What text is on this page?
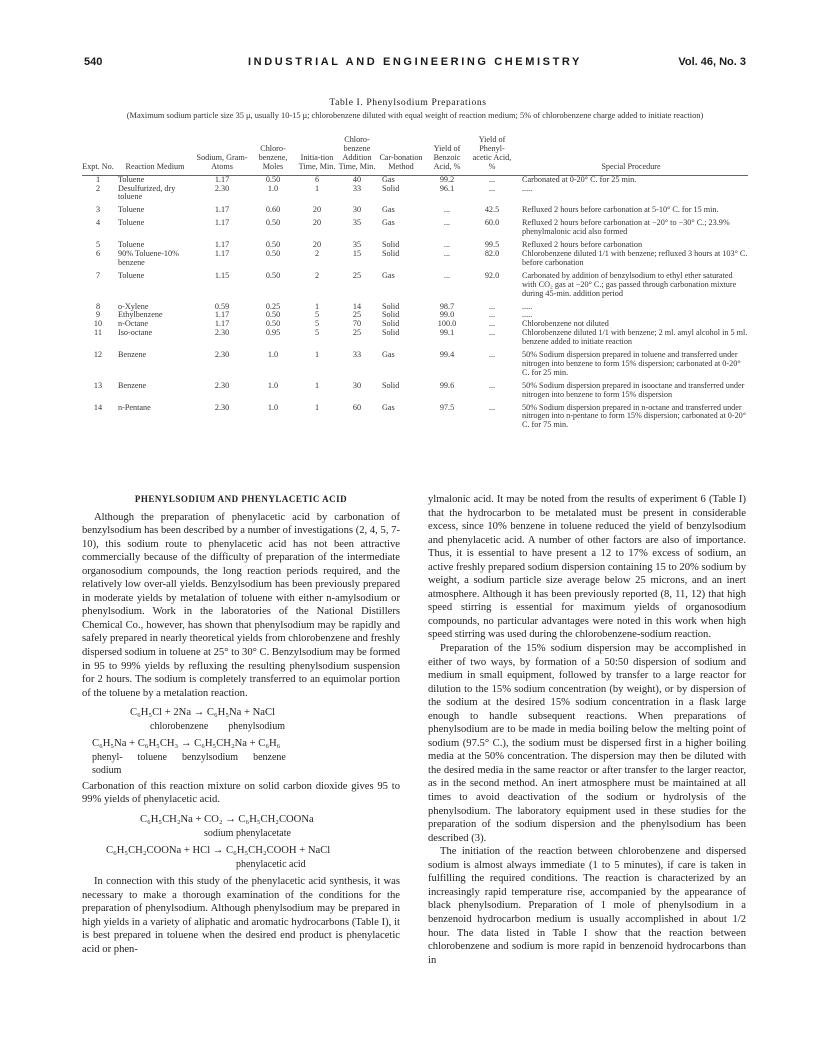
540	INDUSTRIAL AND ENGINEERING CHEMISTRY	Vol. 46, No. 3
Table I. Phenylsodium Preparations
(Maximum sodium particle size 35 μ, usually 10-15 μ; chlorobenzene diluted with equal weight of reaction medium; 5% of chlorobenzene charge added to initiate reaction)
Expt. No.	Reaction Medium	Sodium, Gram-Atoms	Chloro-benzene, Moles	Initia-tion Time, Min.	Chloro-benzene Addition Time, Min.	Car-bonation Method	Yield of Benzoic Acid, %	Yield of Phenyl-acetic Acid, %	Special Procedure
1	Toluene	1.17	0.50	6	40	Gas	99.2	...	Carbonated at 0-20° C. for 25 min.
2	Desulfurized, dry toluene	2.30	1.0	1	33	Solid	96.1	...	.....
3	Toluene	1.17	0.60	20	30	Gas	...	42.5	Refluxed 2 hours before carbonation at 5-10° C. for 15 min.
4	Toluene	1.17	0.50	20	35	Gas	...	60.0	Refluxed 2 hours before carbonation at −20° to −30° C.; 23.9% phenylmalonic acid also formed
5	Toluene	1.17	0.50	20	35	Solid	...	99.5	Refluxed 2 hours before carbonation
6	90% Toluene-10% benzene	1.17	0.50	2	15	Solid	...	82.0	Chlorobenzene diluted 1/1 with benzene; refluxed 3 hours at 103° C. before carbonation
7	Toluene	1.15	0.50	2	25	Gas	...	92.0	Carbonated by addition of benzylsodium to ethyl ether saturated with CO₂ gas at −20° C.; gas passed through carbonation mixture during 45-min. addition period
8	o-Xylene	0.59	0.25	1	14	Solid	98.7	...	.....
9	Ethylbenzene	1.17	0.50	5	25	Solid	99.0	...	.....
10	n-Octane	1.17	0.50	5	70	Solid	100.0	...	Chlorobenzene not diluted
11	Iso-octane	2.30	0.95	5	25	Solid	99.1	...	Chlorobenzene diluted 1/1 with benzene; 2 ml. amyl alcohol in 5 ml. benzene added to initiate reaction
12	Benzene	2.30	1.0	1	33	Gas	99.4	...	50% Sodium dispersion prepared in toluene and transferred under nitrogen into benzene to form 15% dispersion; carbonated at 0-20° C. for 25 min.
13	Benzene	2.30	1.0	1	30	Solid	99.6	...	50% Sodium dispersion prepared in isooctane and transferred under nitrogen into benzene to form 15% dispersion
14	n-Pentane	2.30	1.0	1	60	Gas	97.5	...	50% Sodium dispersion prepared in n-octane and transferred under nitrogen into n-pentane to form 15% dispersion; carbonated at 0-20° C. for 75 min.
PHENYLSODIUM AND PHENYLACETIC ACID

Although the preparation of phenylacetic acid by carbonation of benzylsodium has been described by a number of investigations (2, 4, 5, 7-10), this sodium route to phenylacetic acid has not been attractive commercially because of the difficulty of preparation of the intermediate organosodium compounds, the long reaction periods required, and the relatively low over-all yields. Benzylsodium has been previously prepared in moderate yields by metalation of toluene with either n-amylsodium or phenylsodium. Work in the laboratories of the National Distillers Chemical Co., however, has shown that phenylsodium may be rapidly and safely prepared in nearly theoretical yields from chlorobenzene and freshly dispersed sodium in toluene at 25° to 30° C. Benzylsodium may be formed in 95 to 99% yields by refluxing the resulting phenylsodium suspension for 2 hours. The sodium is completely transferred to an equimolar portion of the toluene by a metalation reaction.

C₆H₅Cl + 2Na → C₆H₅Na + NaCl
chlorobenzene        phenylsodium
C₆H₅Na + C₆H₅CH₃ → C₆H₅CH₂Na + C₆H₆
phenyl-      toluene      benzylsodium      benzene
sodium

Carbonation of this reaction mixture on solid carbon dioxide gives 95 to 99% yields of phenylacetic acid.

C₆H₅CH₂Na + CO₂ → C₆H₅CH₂COONa
sodium phenylacetate
C₆H₅CH₂COONa + HCl → C₆H₅CH₂COOH + NaCl
phenylacetic acid

In connection with this study of the phenylacetic acid synthesis, it was necessary to make a thorough examination of the conditions for the preparation of phenylsodium. Although phenylsodium may be prepared in high yields in a variety of aliphatic and aromatic hydrocarbons (Table I), it is best prepared in toluene when the desired end product is phenylacetic acid or phen-

ylmalonic acid. It may be noted from the results of experiment 6 (Table I) that the hydrocarbon to be metalated must be present in considerable excess, since 10% benzene in toluene reduced the yield of benzylsodium and phenylacetic acid. A number of other factors are also of importance. Thus, it is essential to have present a 12 to 17% excess of sodium, an active freshly prepared sodium dispersion containing 15 to 20% sodium by weight, a sodium particle size average below 25 microns, and an inert atmosphere. Although it has been previously reported (8, 11, 12) that high speed stirring is essential for maximum yields of organosodium compounds, no particular advantages were noted in this work when high speed stirring was used during the chlorobenzene-sodium reaction.

Preparation of the 15% sodium dispersion may be accomplished in either of two ways, by formation of a 50:50 dispersion of sodium and medium in small equipment, followed by transfer to a large reactor for dilution to the 15% sodium concentration (by weight), or by dispersion of the sodium at the desired 15% sodium concentration in a flask large enough to handle subsequent reactions. When preparations of phenylsodium are to be made in media boiling below the melting point of sodium (97.5° C.), the sodium must be dispersed first in a higher boiling media at the 50% concentration. The dispersion may then be diluted with the desired media in the same reactor or after transfer to the larger reactor, as in the second method. An inert atmosphere must be maintained at all times to avoid deactivation of the sodium or hydrolysis of the phenylsodium. The laboratory equipment used in these studies for the preparation of the sodium dispersion and the phenylsodium has been described (3).

The initiation of the reaction between chlorobenzene and dispersed sodium is almost always immediate (1 to 5 minutes), if care is taken in fulfilling the required conditions. The reaction is characterized by an increasingly rapid temperature rise, accompanied by the appearance of black phenylsodium. Preparation of 1 mole of phenylsodium in a benzenoid hydrocarbon medium is usually accomplished in about 1/2 hour. The data listed in Table I show that the reaction between chlorobenzene and sodium is more rapid in benzenoid hydrocarbons than in
